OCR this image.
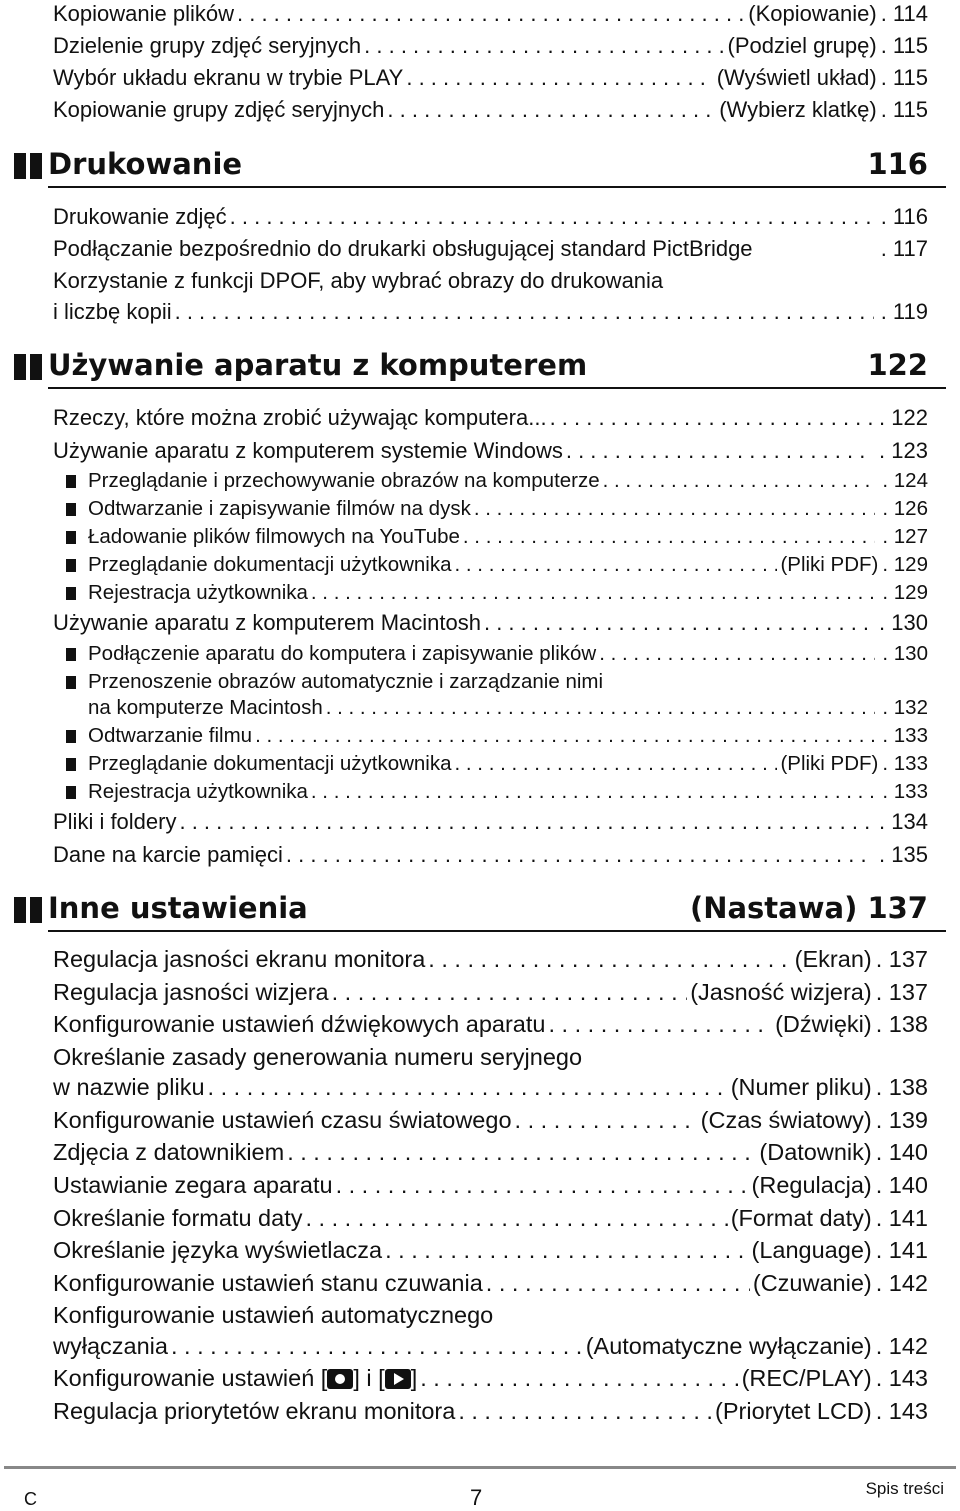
Kopiowanie plików . . .	(Kopiowanie) . 114
Dzielenie grupy zdjęć seryjnych . . .	(Podziel grupę) . 115
Wybór układu ekranu w trybie PLAY . . .	(Wyświetl układ) . 115
Kopiowanie grupy zdjęć seryjnych . . .	(Wybierz klatkę) . 115
Drukowanie	116
Drukowanie zdjęć . . .	. 116
Podłączanie bezpośrednio do drukarki obsługującej standard PictBridge	. 117
Korzystanie z funkcji DPOF, aby wybrać obrazy do drukowania
i liczbę kopii . . .	. 119
Używanie aparatu z komputerem	122
Rzeczy, które można zrobić używając komputera... . . .	. 122
Używanie aparatu z komputerem systemie Windows . . .	. 123
Przeglądanie i przechowywanie obrazów na komputerze . . .	. 124
Odtwarzanie i zapisywanie filmów na dysk . . .	. 126
Ładowanie plików filmowych na YouTube . . .	. 127
Przeglądanie dokumentacji użytkownika . . .	(Pliki PDF) . 129
Rejestracja użytkownika . . .	. 129
Używanie aparatu z komputerem Macintosh . . .	. 130
Podłączenie aparatu do komputera i zapisywanie plików . . .	. 130
Przenoszenie obrazów automatycznie i zarządzanie nimi
na komputerze Macintosh . . .	. 132
Odtwarzanie filmu . . .	. 133
Przeglądanie dokumentacji użytkownika . . .	(Pliki PDF) . 133
Rejestracja użytkownika . . .	. 133
Pliki i foldery . . .	. 134
Dane na karcie pamięci . . .	. 135
Inne ustawienia	(Nastawa) 137
Regulacja jasności ekranu monitora . . .	(Ekran) . 137
Regulacja jasności wizjera . . .	(Jasność wizjera) . 137
Konfigurowanie ustawień dźwiękowych aparatu . . .	(Dźwięki) . 138
Określanie zasady generowania numeru seryjnego
w nazwie pliku . . .	(Numer pliku) . 138
Konfigurowanie ustawień czasu światowego . . .	(Czas światowy) . 139
Zdjęcia z datownikiem . . .	(Datownik) . 140
Ustawianie zegara aparatu . . .	(Regulacja) . 140
Określanie formatu daty . . .	(Format daty) . 141
Określanie języka wyświetlacza . . .	(Language) . 141
Konfigurowanie ustawień stanu czuwania . . .	(Czuwanie) . 142
Konfigurowanie ustawień automatycznego
wyłączania . . .	(Automatyczne wyłączanie) . 142
Konfigurowanie ustawień [ ] i [ ] . . .	(REC/PLAY) . 143
Regulacja priorytetów ekranu monitora . . .	(Priorytet LCD) . 143
C	7	Spis treści
